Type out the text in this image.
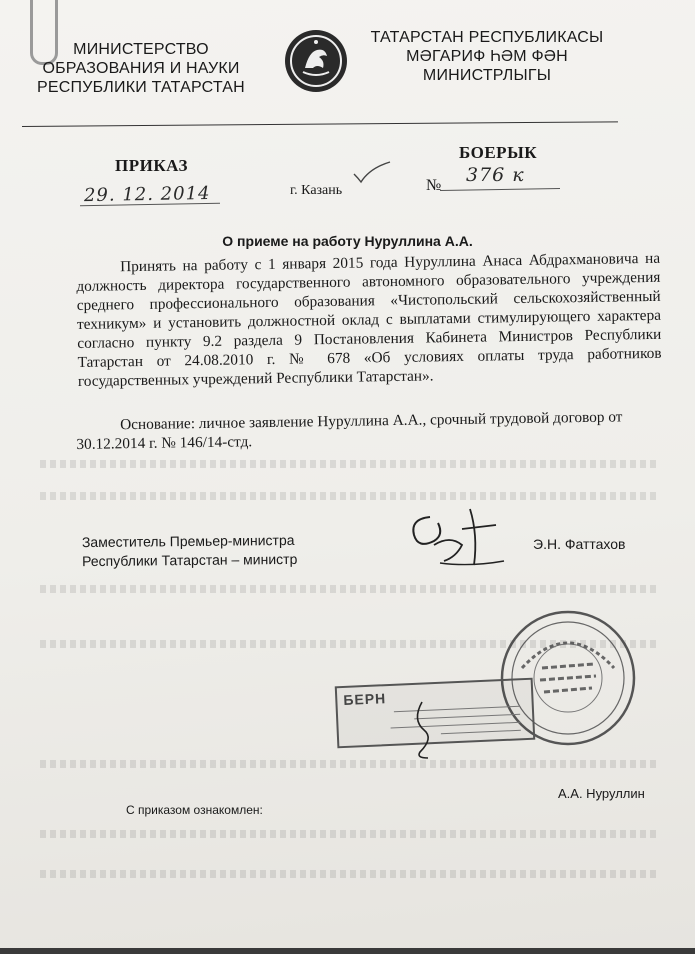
МИНИСТЕРСТВО
ОБРАЗОВАНИЯ И НАУКИ
РЕСПУБЛИКИ ТАТАРСТАН
ТАТАРСТАН РЕСПУБЛИКАСЫ
МӘГАРИФ ҺӘМ ФӘН
МИНИСТРЛЫГЫ
ПРИКАЗ
БОЕРЫК
29. 12. 2014	г. Казань	№ 376 к
О приеме на работу Нуруллина А.А.
Принять на работу с 1 января 2015 года Нуруллина Анаса Абдрахмановича на должность директора государственного автономного образовательного учреждения среднего профессионального образования «Чистопольский сельскохозяйственный техникум» и установить должностной оклад с выплатами стимулирующего характера согласно пункту 9.2 раздела 9 Постановления Кабинета Министров Республики Татарстан от 24.08.2010 г. № 678 «Об условиях оплаты труда работников государственных учреждений Республики Татарстан».
Основание: личное заявление Нуруллина А.А., срочный трудовой договор от 30.12.2014 г. № 146/14-стд.
Заместитель Премьер-министра
Республики Татарстан – министр
Э.Н. Фаттахов
БЕРН
А.А. Нуруллин
С приказом ознакомлен:
